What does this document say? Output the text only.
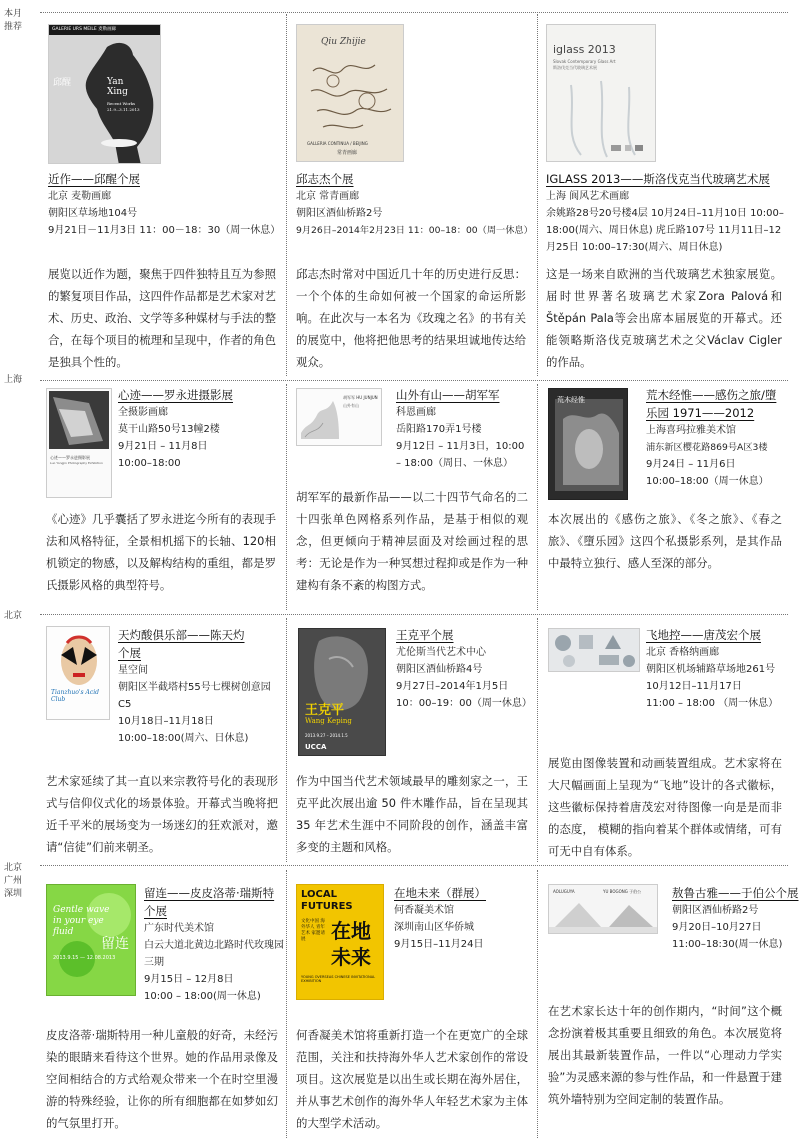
本月
推荐
上海
北京
北京
广州
深圳
GALERIE URS MEILE 麦勒画廊
邱醒	Yan Xing
Recent Works
21.9.–3.11.2013
近作——邱醒个展
北京 麦勒画廊
朝阳区草场地104号
9月21日－11月3日 11：00－18：30（周一休息）
展览以近作为题，聚焦于四件独特且互为参照的繁复项目作品，这四件作品都是艺术家对艺术、历史、政治、文学等多种媒材与手法的整合，在每个项目的梳理和呈现中，作者的角色是独具个性的。
Qiu Zhijie
GALLERIA CONTINUA / BEIJING
常青画廊
邱志杰个展
北京 常青画廊
朝阳区酒仙桥路2号
9月26日–2014年2月23日 11：00–18：00（周一休息）
邱志杰时常对中国近几十年的历史进行反思：一个个体的生命如何被一个国家的命运所影响。在此次与一本名为《玫瑰之名》的书有关的展览中，他将把他思考的结果坦诚地传达给观众。
iglass 2013
Slovak Contemporary Glass Art
斯洛伐克当代玻璃艺术展
IGLASS 2013——斯洛伐克当代玻璃艺术展
上海 阆风艺术画廊
余姚路28号20号楼4层 10月24日–11月10日 10:00–18:00(周六、周日休息) 虎丘路107号 11月11日–12月25日 10:00–17:30(周六、周日休息)
这是一场来自欧洲的当代玻璃艺术独家展览。届时世界著名玻璃艺术家Zora Palová和Štěpán Pala等会出席本届展览的开幕式。还能领略斯洛伐克玻璃艺术之父Václav Cigler 的作品。
心迹——罗永进摄影展
Luo Yongjin Photography Exhibition
心迹——罗永进摄影展
全摄影画廊
莫干山路50号13幢2楼
9月21日 – 11月8日
10:00–18:00
《心迹》几乎囊括了罗永进迄今所有的表现手法和风格特征，全景相机摇下的长轴、120相机锁定的物感，以及解构结构的重组，都是罗氏摄影风格的典型符号。
胡军军 HU JUNJUN
山外有山
山外有山——胡军军
科恩画廊
岳阳路170弄1号楼
9月12日 – 11月3日，10:00 – 18:00（周日、一休息）
胡军军的最新作品——以二十四节气命名的二十四张单色网格系列作品，是基于相似的观念，但更倾向于精神层面及对绘画过程的思考：无论是作为一种冥想过程抑或是作为一种建构有条不紊的构图方式。
荒木经惟	荒木经惟——感伤之旅/墮乐园 1971——2012
上海喜玛拉雅美术馆
浦东新区樱花路869号A区3楼
9月24日 – 11月6日
10:00–18:00（周一休息）
本次展出的《感伤之旅》、《冬之旅》、《春之旅》、《墮乐园》这四个私摄影系列，是其作品中最特立独行、感人至深的部分。
Tianzhuo's Acid Club
天灼酸俱乐部——陈天灼个展
星空间
朝阳区半截塔村55号七棵树创意园C5
10月18日–11月18日
10:00–18:00(周六、日休息)
艺术家延续了其一直以来宗教符号化的表现形式与信仰仪式化的场景体验。开幕式当晚将把近千平米的展场变为一场迷幻的狂欢派对，邀请“信徒”们前来朝圣。
王克平
Wang Keping
2013.9.27 – 2014.1.5
UCCA
王克平个展
尤伦斯当代艺术中心
朝阳区酒仙桥路4号
9月27日–2014年1月5日
10：00–19：00（周一休息）
作为中国当代艺术领域最早的雕刻家之一，王克平此次展出逾 50 件木雕作品，旨在呈现其 35 年艺术生涯中不同阶段的创作，涵盖丰富多变的主题和风格。
飞地控——唐茂宏个展
北京 香格纳画廊
朝阳区机场辅路草场地261号
10月12日–11月17日
11:00 – 18:00 （周一休息）
展览由图像装置和动画装置组成。艺术家将在大尺幅画面上呈现为“飞地”设计的各式徽标，这些徽标保持着唐茂宏对待图像一向是是而非的态度， 模糊的指向着某个群体或情绪，可有可无中自有体系。
Gentle wave in your eye fluid
留连
2013.9.15 — 12.08.2013
留连——皮皮洛蒂·瑞斯特个展
广东时代美术馆
白云大道北黄边北路时代玫瑰园三期
9月15日 – 12月8日
10:00 – 18:00(周一休息)
皮皮洛蒂·瑞斯特用一种儿童般的好奇，未经污染的眼睛来看待这个世界。她的作品用录像及空间相结合的方式给观众带来一个在时空里漫游的特殊经验，让你的所有细胞都在如梦如幻的气氛里打开。
LOCAL
FUTURES
文化中国 海外华人 青年艺术 家邀请展	在地
未来
YOUNG OVERSEAS CHINESE INVITATIONAL EXHIBITION
在地未来（群展）
何香凝美术馆
深圳南山区华侨城
9月15日–11月24日
何香凝美术馆将重新打造一个在更宽广的全球范围，关注和扶持海外华人艺术家创作的常设项目。这次展览是以出生或长期在海外居住，并从事艺术创作的海外华人年轻艺术家为主体的大型学术活动。
AOLUGUYA	YU BOGONG 于伯公	敖鲁古雅——于伯公个展
朝阳区酒仙桥路2号
9月20日–10月27日
11:00–18:30(周一休息)
在艺术家长达十年的创作期内，“时间”这个概念扮演着极其重要且细致的角色。本次展览将展出其最新装置作品，一件以“心理动力学实验”为灵感来源的参与性作品，和一件悬置于建筑外墙特别为空间定制的装置作品。
